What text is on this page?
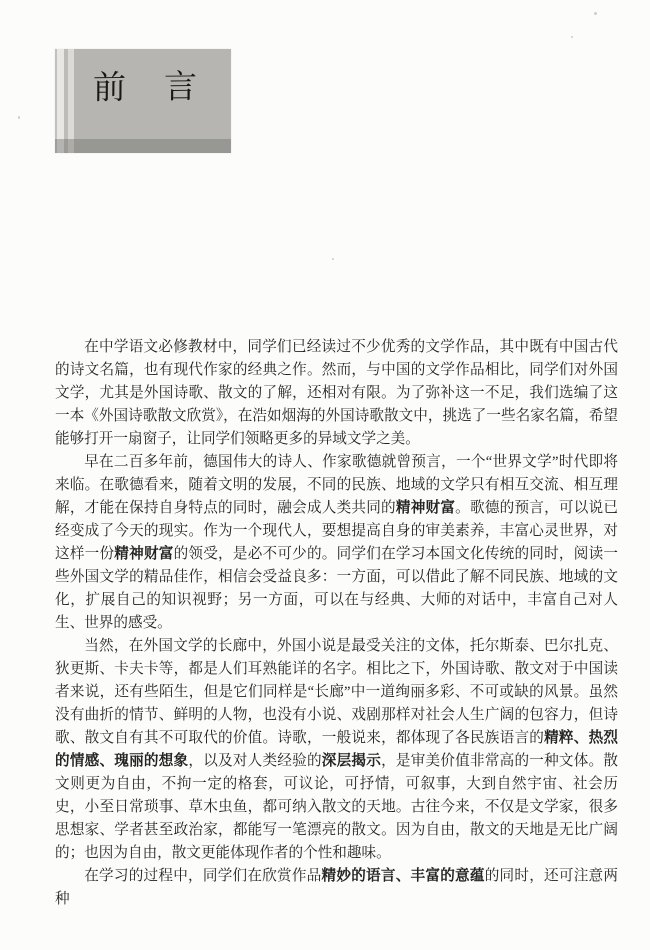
前言

在中学语文必修教材中，同学们已经读过不少优秀的文学作品，其中既有中国古代的诗文名篇，也有现代作家的经典之作。然而，与中国的文学作品相比，同学们对外国文学，尤其是外国诗歌、散文的了解，还相对有限。为了弥补这一不足，我们选编了这一本《外国诗歌散文欣赏》，在浩如烟海的外国诗歌散文中，挑选了一些名家名篇，希望能够打开一扇窗子，让同学们领略更多的异域文学之美。

早在二百多年前，德国伟大的诗人、作家歌德就曾预言，一个“世界文学”时代即将来临。在歌德看来，随着文明的发展，不同的民族、地域的文学只有相互交流、相互理解，才能在保持自身特点的同时，融会成人类共同的精神财富。歌德的预言，可以说已经变成了今天的现实。作为一个现代人，要想提高自身的审美素养，丰富心灵世界，对这样一份精神财富的领受，是必不可少的。同学们在学习本国文化传统的同时，阅读一些外国文学的精品佳作，相信会受益良多：一方面，可以借此了解不同民族、地域的文化，扩展自己的知识视野；另一方面，可以在与经典、大师的对话中，丰富自己对人生、世界的感受。

当然，在外国文学的长廊中，外国小说是最受关注的文体，托尔斯泰、巴尔扎克、狄更斯、卡夫卡等，都是人们耳熟能详的名字。相比之下，外国诗歌、散文对于中国读者来说，还有些陌生，但是它们同样是“长廊”中一道绚丽多彩、不可或缺的风景。虽然没有曲折的情节、鲜明的人物，也没有小说、戏剧那样对社会人生广阔的包容力，但诗歌、散文自有其不可取代的价值。诗歌，一般说来，都体现了各民族语言的精粹、热烈的情感、瑰丽的想象，以及对人类经验的深层揭示，是审美价值非常高的一种文体。散文则更为自由，不拘一定的格套，可议论，可抒情，可叙事，大到自然宇宙、社会历史，小至日常琐事、草木虫鱼，都可纳入散文的天地。古往今来，不仅是文学家，很多思想家、学者甚至政治家，都能写一笔漂亮的散文。因为自由，散文的天地是无比广阔的；也因为自由，散文更能体现作者的个性和趣味。

在学习的过程中，同学们在欣赏作品精妙的语言、丰富的意蕴的同时，还可注意两种
